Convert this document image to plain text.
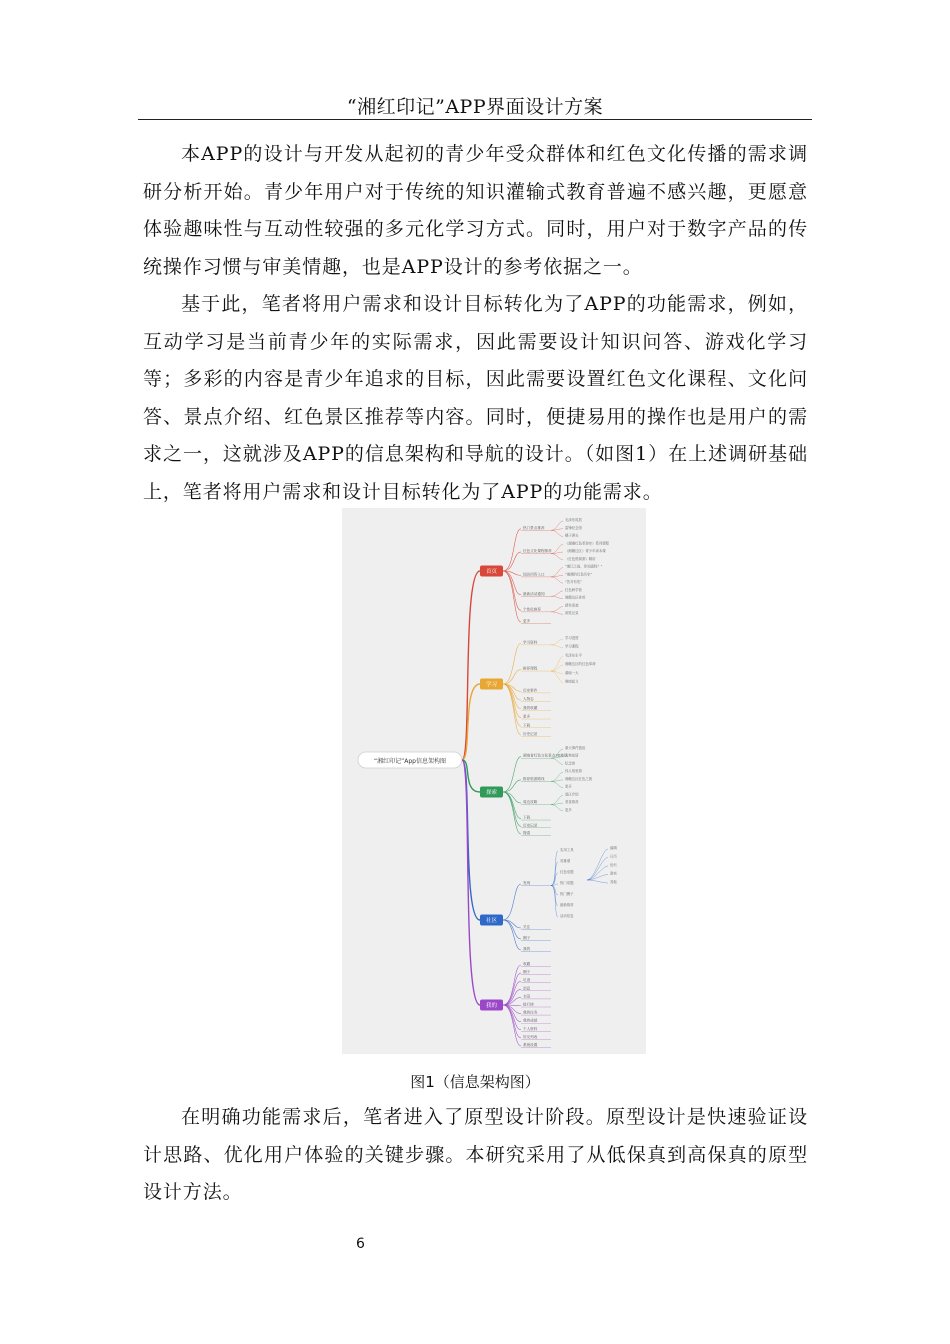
“湘红印记”APP界面设计方案

本APP的设计与开发从起初的青少年受众群体和红色文化传播的需求调研分析开始。青少年用户对于传统的知识灌输式教育普遍不感兴趣，更愿意体验趣味性与互动性较强的多元化学习方式。同时，用户对于数字产品的传统操作习惯与审美情趣，也是APP设计的参考依据之一。

基于此，笔者将用户需求和设计目标转化为了APP的功能需求，例如，互动学习是当前青少年的实际需求，因此需要设计知识问答、游戏化学习等；多彩的内容是青少年追求的目标，因此需要设置红色文化课程、文化问答、景点介绍、红色景区推荐等内容。同时，便捷易用的操作也是用户的需求之一，这就涉及APP的信息架构和导航的设计。（如图1）在上述调研基础上，笔者将用户需求和设计目标转化为了APP的功能需求。

“湘红印记”App信息架构图
首页
热门景点推荐
毛泽东故居
雷锋纪念馆
橘子洲头
红色文化课程推荐
《湖湘红色革命史》系列课程
《湘赣边区》青少年读本课
《红色资源游》精讲
知识问答入口
“湘江之战，你知道吗？”
“湘潭的红色历史”
“答对有奖”
最新活动通知
红色研学营
湘赣边区体验
个性化推荐
猜你喜欢
浏览记录
更多
学习
学习资料
学习进度
学习课程
推荐课程
毛泽东生平
湘赣边区的红色革命
湖南一大
湘南起义
历史事件
人物志
我的收藏
更多
下载
历史记录
探索
湖南省红色文化景点3D地图
重大事件遗址
人物故居
纪念馆
推荐旅游路线
伟人故里游
湘赣边区红色之旅
更多
周边攻略
景区介绍
美食推荐
更多
下载
历史记录
搜索
社区
发现
实用工具
英雄谱
红色话题
热门话题
热门圈子
最新推荐
活动信息
关注
圈子
我的
编辑
日历
论坛
游戏
其他
我的
收藏
圈子
足迹
消息
书签
排行榜
我的任务
我的成就
个人资料
好友列表
系统设置
图1（信息架构图）

在明确功能需求后，笔者进入了原型设计阶段。原型设计是快速验证设计思路、优化用户体验的关键步骤。本研究采用了从低保真到高保真的原型设计方法。

6
